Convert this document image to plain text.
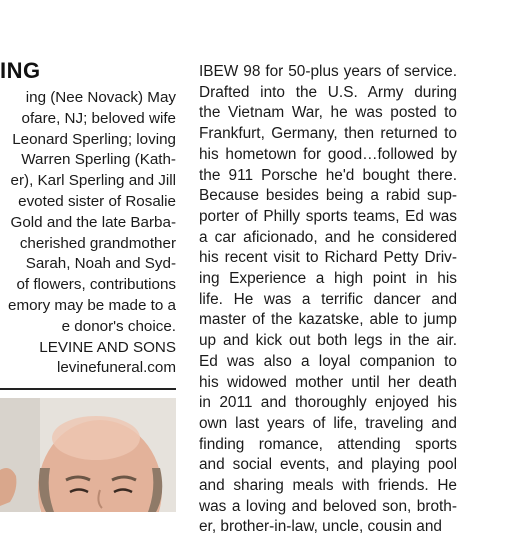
ING
ing (Nee Novack) May
ofare, NJ; beloved wife
Leonard Sperling; loving
Warren Sperling (Kath-
er), Karl Sperling and Jill
evoted sister of Rosalie
Gold and the late Barba-
cherished grandmother
Sarah, Noah and Syd-
of flowers, contributions
emory may be made to a
e donor's choice.
LEVINE AND SONS
levinefuneral.com
IBEW 98 for 50-plus years of service.
Drafted into the U.S. Army during
the Vietnam War, he was posted to
Frankfurt, Germany, then returned to
his hometown for good…followed by
the 911 Porsche he'd bought there.
Because besides being a rabid sup-
porter of Philly sports teams, Ed was
a car aficionado, and he considered
his recent visit to Richard Petty Driv-
ing Experience a high point in his
life. He was a terrific dancer and
master of the kazatske, able to jump
up and kick out both legs in the air.
Ed was also a loyal companion to
his widowed mother until her death
in 2011 and thoroughly enjoyed his
own last years of life, traveling and
finding romance, attending sports
and social events, and playing pool
and sharing meals with friends. He
was a loving and beloved son, broth-
er, brother-in-law, uncle, cousin and
